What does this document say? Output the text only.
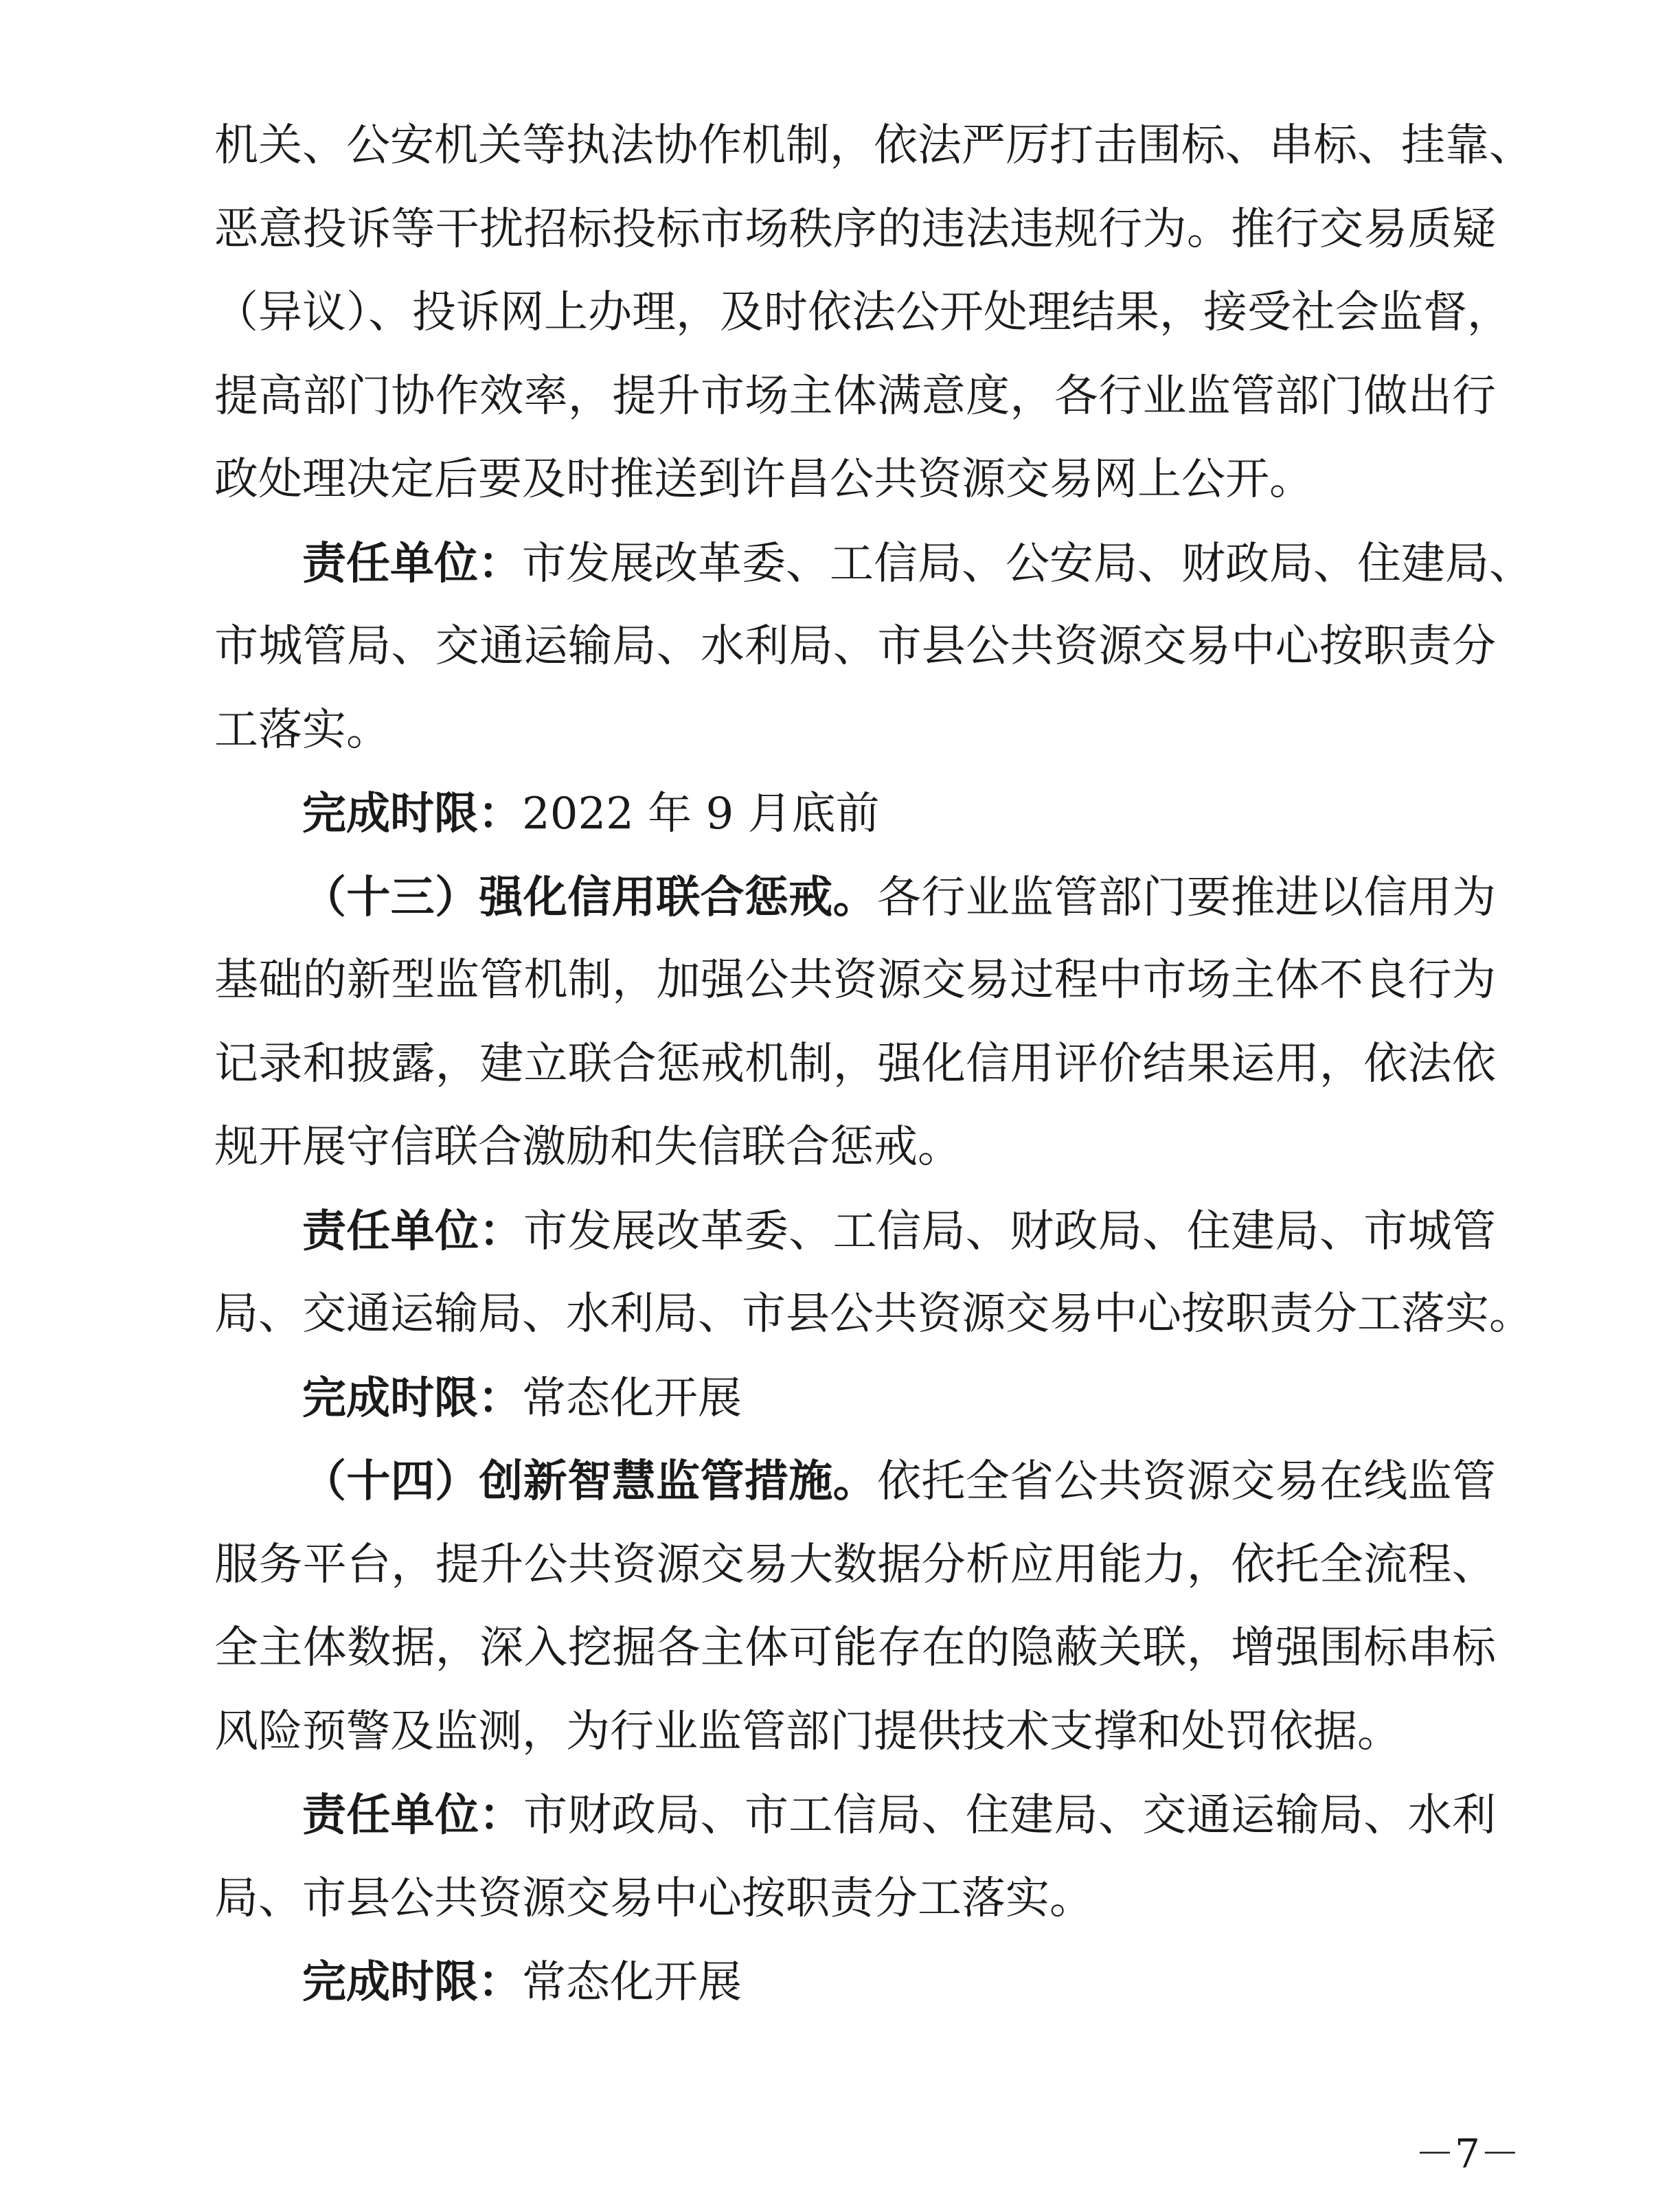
机关、公安机关等执法协作机制，依法严厉打击围标、串标、挂靠、
恶意投诉等干扰招标投标市场秩序的违法违规行为。推行交易质疑
（异议）、投诉网上办理，及时依法公开处理结果，接受社会监督，
提高部门协作效率，提升市场主体满意度，各行业监管部门做出行
政处理决定后要及时推送到许昌公共资源交易网上公开。
责任单位：市发展改革委、工信局、公安局、财政局、住建局、
市城管局、交通运输局、水利局、市县公共资源交易中心按职责分
工落实。
完成时限：2022 年 9 月底前
（十三）强化信用联合惩戒。各行业监管部门要推进以信用为
基础的新型监管机制，加强公共资源交易过程中市场主体不良行为
记录和披露，建立联合惩戒机制，强化信用评价结果运用，依法依
规开展守信联合激励和失信联合惩戒。
责任单位：市发展改革委、工信局、财政局、住建局、市城管
局、交通运输局、水利局、市县公共资源交易中心按职责分工落实。
完成时限：常态化开展
（十四）创新智慧监管措施。依托全省公共资源交易在线监管
服务平台，提升公共资源交易大数据分析应用能力，依托全流程、
全主体数据，深入挖掘各主体可能存在的隐蔽关联，增强围标串标
风险预警及监测，为行业监管部门提供技术支撑和处罚依据。
责任单位：市财政局、市工信局、住建局、交通运输局、水利
局、市县公共资源交易中心按职责分工落实。
完成时限：常态化开展
－7－
